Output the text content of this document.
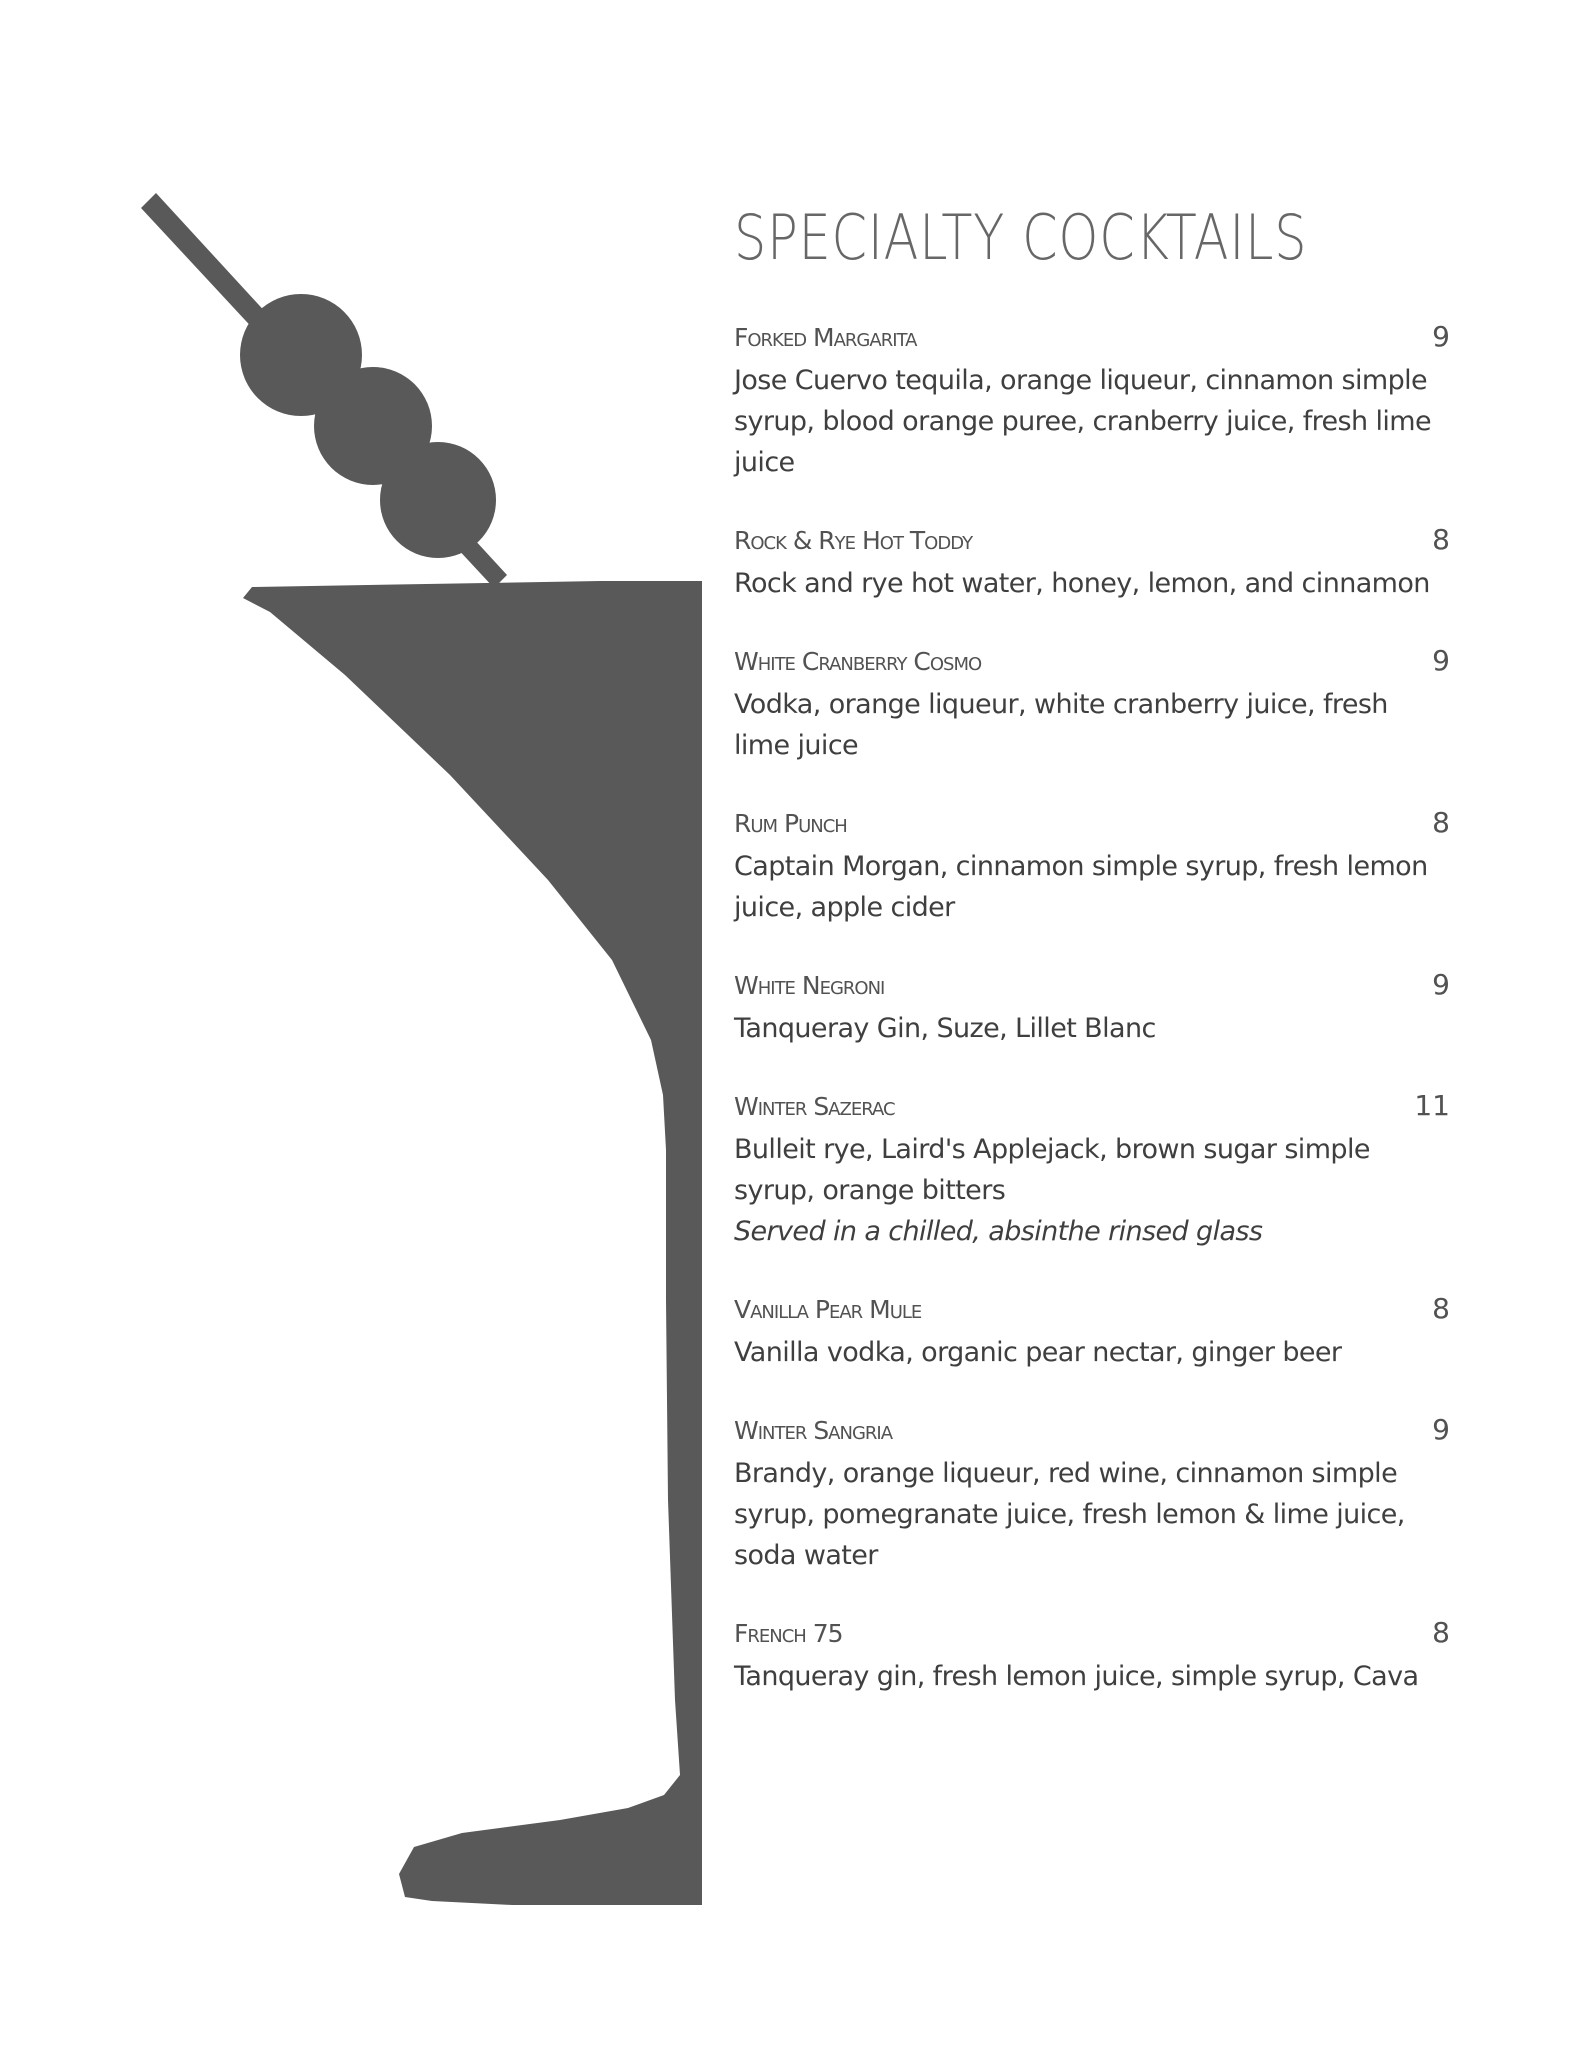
SPECIALTY COCKTAILS
Forked Margarita	9
Jose Cuervo tequila, orange liqueur, cinnamon simple syrup, blood orange puree, cranberry juice, fresh lime juice
Rock & Rye Hot Toddy	8
Rock and rye hot water, honey, lemon, and cinnamon
White Cranberry Cosmo	9
Vodka, orange liqueur, white cranberry juice, fresh lime juice
Rum Punch	8
Captain Morgan, cinnamon simple syrup, fresh lemon juice, apple cider
White Negroni	9
Tanqueray Gin, Suze, Lillet Blanc
Winter Sazerac	11
Bulleit rye, Laird's Applejack, brown sugar simple syrup, orange bitters
Served in a chilled, absinthe rinsed glass
Vanilla Pear Mule	8
Vanilla vodka, organic pear nectar, ginger beer
Winter Sangria	9
Brandy, orange liqueur, red wine, cinnamon simple syrup, pomegranate juice, fresh lemon & lime juice, soda water
French 75	8
Tanqueray gin, fresh lemon juice, simple syrup, Cava
